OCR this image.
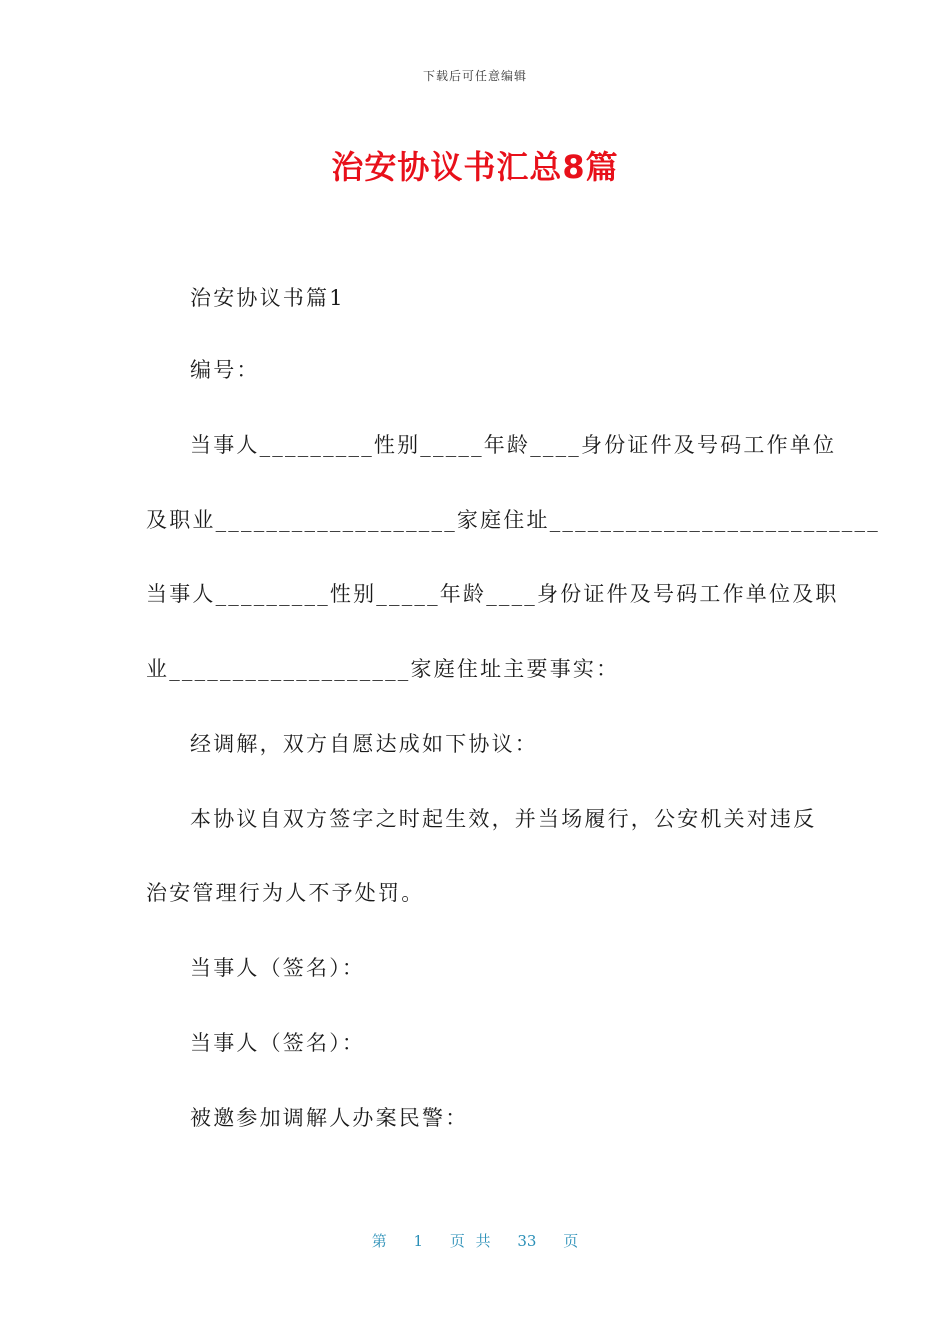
下载后可任意编辑
治安协议书汇总8篇

治安协议书篇1

编号：

当事人_________性别_____年龄____身份证件及号码工作单位

及职业___________________家庭住址__________________________

当事人_________性别_____年龄____身份证件及号码工作单位及职

业___________________家庭住址主要事实：

经调解，双方自愿达成如下协议：

本协议自双方签字之时起生效，并当场履行，公安机关对违反

治安管理行为人不予处罚。

当事人（签名）：

当事人（签名）：

被邀参加调解人办案民警：

第 1 页 共 33 页
